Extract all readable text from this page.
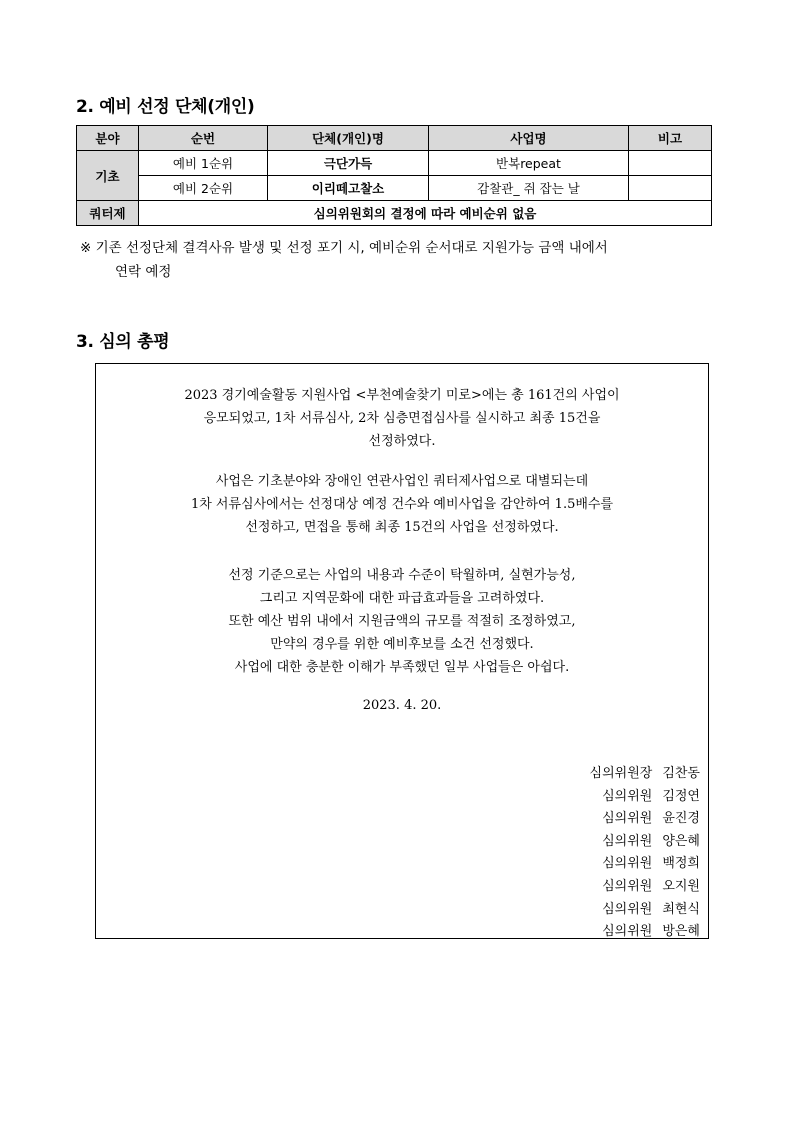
2. 예비 선정 단체(개인)
분야	순번	단체(개인)명	사업명	비고
기초	예비 1순위	극단가득	반복repeat	
	예비 2순위	이리떼고찰소	감찰관_ 쥐 잡는 날	
쿼터제	심의위원회의 결정에 따라 예비순위 없음			
※ 기존 선정단체 결격사유 발생 및 선정 포기 시, 예비순위 순서대로 지원가능 금액 내에서
연락 예정
3. 심의 총평
2023 경기예술활동 지원사업 <부천예술찾기 미로>에는 총 161건의 사업이
응모되었고, 1차 서류심사, 2차 심층면접심사를 실시하고 최종 15건을
선정하였다.
사업은 기초분야와 장애인 연관사업인 쿼터제사업으로 대별되는데
1차 서류심사에서는 선정대상 예정 건수와 예비사업을 감안하여 1.5배수를
선정하고, 면접을 통해 최종 15건의 사업을 선정하였다.
선정 기준으로는 사업의 내용과 수준이 탁월하며, 실현가능성,
그리고 지역문화에 대한 파급효과들을 고려하였다.
또한 예산 범위 내에서 지원금액의 규모를 적절히 조정하였고,
만약의 경우를 위한 예비후보를 소건 선정했다.
사업에 대한 충분한 이해가 부족했던 일부 사업들은 아쉽다.
2023. 4. 20.
심의위원장 김찬동
심의위원 김정연
심의위원 윤진경
심의위원 양은혜
심의위원 백정희
심의위원 오지원
심의위원 최현식
심의위원 방은혜
